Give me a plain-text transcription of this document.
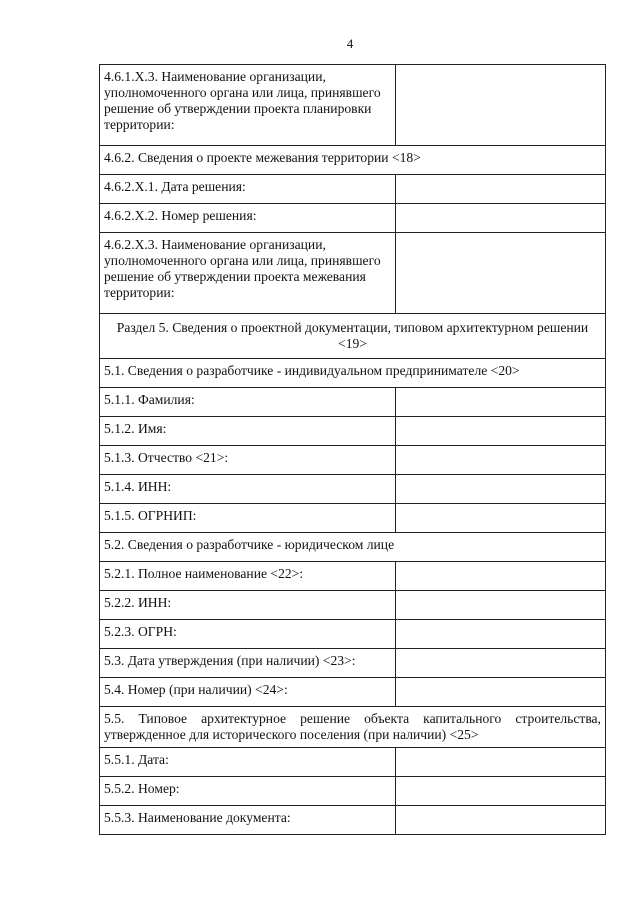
4
4.6.1.Х.3. Наименование организации, уполномоченного органа или лица, принявшего решение об утверждении проекта планировки территории:	
4.6.2. Сведения о проекте межевания территории <18>	
4.6.2.Х.1. Дата решения:	
4.6.2.Х.2. Номер решения:	
4.6.2.Х.3. Наименование организации, уполномоченного органа или лица, принявшего решение об утверждении проекта межевания территории:	
Раздел 5. Сведения о проектной документации, типовом архитектурном решении <19>	
5.1. Сведения о разработчике - индивидуальном предпринимателе <20>	
5.1.1. Фамилия:	
5.1.2. Имя:	
5.1.3. Отчество <21>:	
5.1.4. ИНН:	
5.1.5. ОГРНИП:	
5.2. Сведения о разработчике - юридическом лице	
5.2.1. Полное наименование <22>:	
5.2.2. ИНН:	
5.2.3. ОГРН:	
5.3. Дата утверждения (при наличии) <23>:	
5.4. Номер (при наличии) <24>:	
5.5. Типовое архитектурное решение объекта капитального строительства, утвержденное для исторического поселения (при наличии) <25>	
5.5.1. Дата:	
5.5.2. Номер:	
5.5.3. Наименование документа:	
